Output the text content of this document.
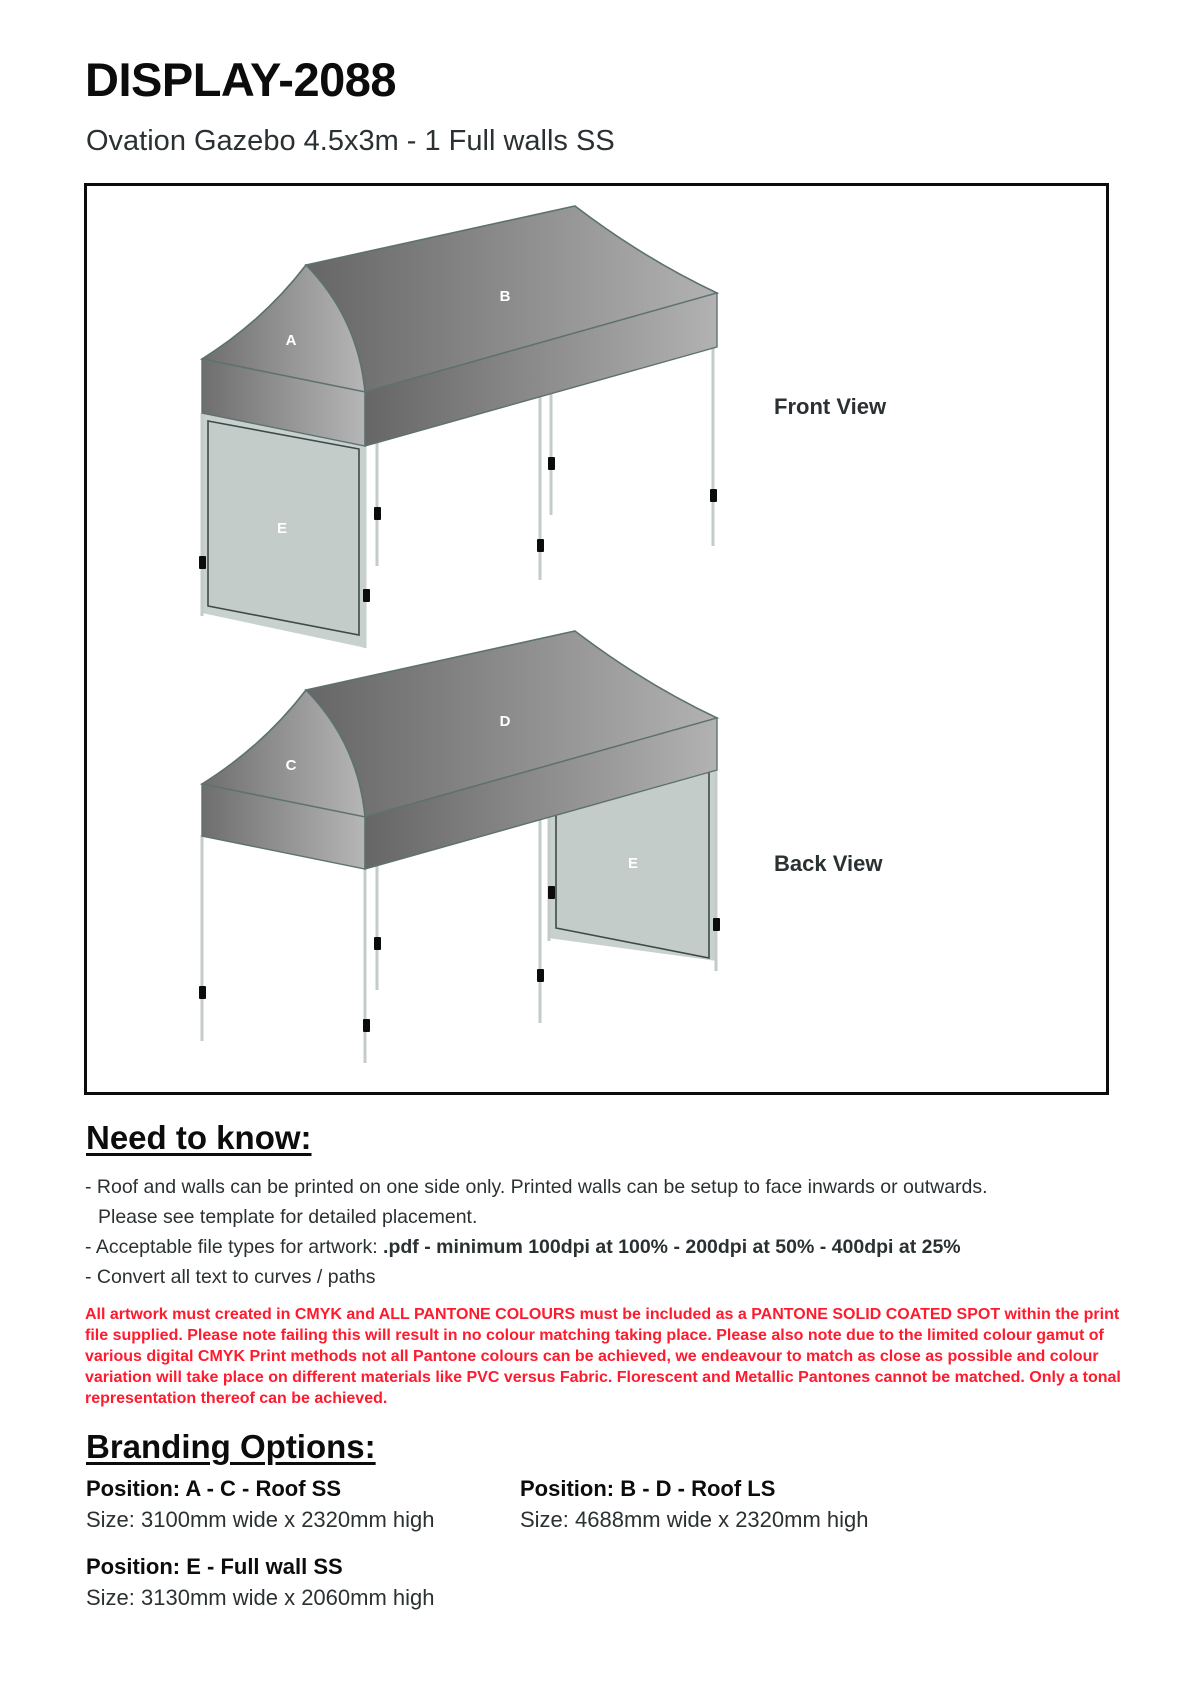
DISPLAY-2088
Ovation Gazebo 4.5x3m - 1 Full walls SS
E
A
B
E
C
D
Front View
Back View
Need to know:
- Roof and walls can be printed on one side only. Printed walls can be setup to face inwards or outwards.
Please see template for detailed placement.
- Acceptable file types for artwork: .pdf - minimum 100dpi at 100% - 200dpi at 50% - 400dpi at 25%
- Convert all text to curves / paths
All artwork must created in CMYK and ALL PANTONE COLOURS must be included as a PANTONE SOLID COATED SPOT within the print file supplied. Please note failing this will result in no colour matching taking place. Please also note due to the limited colour gamut of various digital CMYK Print methods not all Pantone colours can be achieved, we endeavour to match as close as possible and colour variation will take place on different materials like PVC versus Fabric. Florescent and Metallic Pantones cannot be matched. Only a tonal representation thereof can be achieved.
Branding Options:
Position: A - C - Roof SS
Size: 3100mm wide x 2320mm high
Position: B - D - Roof LS
Size: 4688mm wide x 2320mm high
Position: E - Full wall SS
Size: 3130mm wide x 2060mm high
